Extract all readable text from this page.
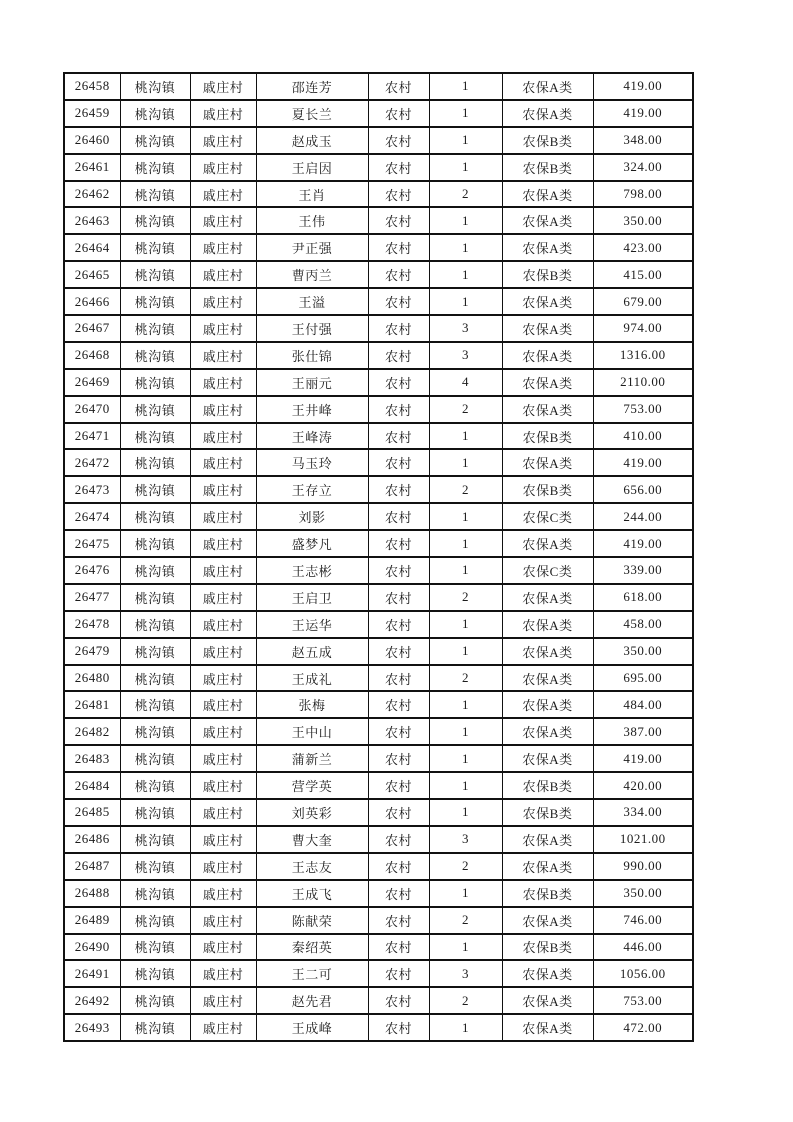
26458	桃沟镇	戚庄村	邵连芳	农村	1	农保A类	419.00
26459	桃沟镇	戚庄村	夏长兰	农村	1	农保A类	419.00
26460	桃沟镇	戚庄村	赵成玉	农村	1	农保B类	348.00
26461	桃沟镇	戚庄村	王启因	农村	1	农保B类	324.00
26462	桃沟镇	戚庄村	王肖	农村	2	农保A类	798.00
26463	桃沟镇	戚庄村	王伟	农村	1	农保A类	350.00
26464	桃沟镇	戚庄村	尹正强	农村	1	农保A类	423.00
26465	桃沟镇	戚庄村	曹丙兰	农村	1	农保B类	415.00
26466	桃沟镇	戚庄村	王溢	农村	1	农保A类	679.00
26467	桃沟镇	戚庄村	王付强	农村	3	农保A类	974.00
26468	桃沟镇	戚庄村	张仕锦	农村	3	农保A类	1316.00
26469	桃沟镇	戚庄村	王丽元	农村	4	农保A类	2110.00
26470	桃沟镇	戚庄村	王井峰	农村	2	农保A类	753.00
26471	桃沟镇	戚庄村	王峰涛	农村	1	农保B类	410.00
26472	桃沟镇	戚庄村	马玉玲	农村	1	农保A类	419.00
26473	桃沟镇	戚庄村	王存立	农村	2	农保B类	656.00
26474	桃沟镇	戚庄村	刘影	农村	1	农保C类	244.00
26475	桃沟镇	戚庄村	盛梦凡	农村	1	农保A类	419.00
26476	桃沟镇	戚庄村	王志彬	农村	1	农保C类	339.00
26477	桃沟镇	戚庄村	王启卫	农村	2	农保A类	618.00
26478	桃沟镇	戚庄村	王运华	农村	1	农保A类	458.00
26479	桃沟镇	戚庄村	赵五成	农村	1	农保A类	350.00
26480	桃沟镇	戚庄村	王成礼	农村	2	农保A类	695.00
26481	桃沟镇	戚庄村	张梅	农村	1	农保A类	484.00
26482	桃沟镇	戚庄村	王中山	农村	1	农保A类	387.00
26483	桃沟镇	戚庄村	蒲新兰	农村	1	农保A类	419.00
26484	桃沟镇	戚庄村	营学英	农村	1	农保B类	420.00
26485	桃沟镇	戚庄村	刘英彩	农村	1	农保B类	334.00
26486	桃沟镇	戚庄村	曹大奎	农村	3	农保A类	1021.00
26487	桃沟镇	戚庄村	王志友	农村	2	农保A类	990.00
26488	桃沟镇	戚庄村	王成飞	农村	1	农保B类	350.00
26489	桃沟镇	戚庄村	陈献荣	农村	2	农保A类	746.00
26490	桃沟镇	戚庄村	秦绍英	农村	1	农保B类	446.00
26491	桃沟镇	戚庄村	王二可	农村	3	农保A类	1056.00
26492	桃沟镇	戚庄村	赵先君	农村	2	农保A类	753.00
26493	桃沟镇	戚庄村	王成峰	农村	1	农保A类	472.00
